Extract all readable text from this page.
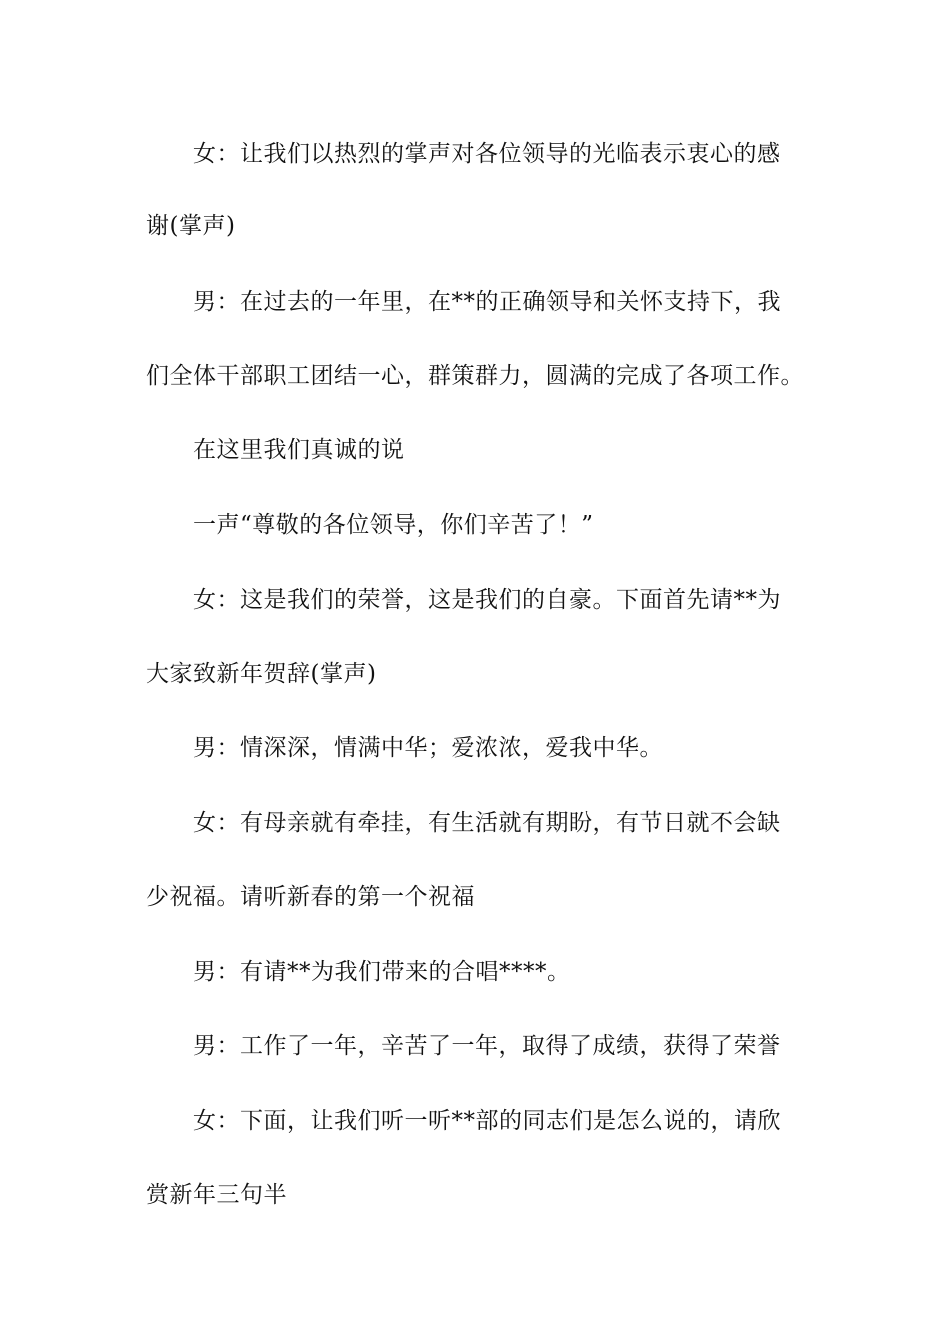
女：让我们以热烈的掌声对各位领导的光临表示衷心的感
谢(掌声)
男：在过去的一年里，在**的正确领导和关怀支持下，我
们全体干部职工团结一心，群策群力，圆满的完成了各项工作。
在这里我们真诚的说
一声“尊敬的各位领导，你们辛苦了！”
女：这是我们的荣誉，这是我们的自豪。下面首先请**为
大家致新年贺辞(掌声)
男：情深深，情满中华；爱浓浓，爱我中华。
女：有母亲就有牵挂，有生活就有期盼，有节日就不会缺
少祝福。请听新春的第一个祝福
男：有请**为我们带来的合唱****。
男：工作了一年，辛苦了一年，取得了成绩，获得了荣誉
女：下面，让我们听一听**部的同志们是怎么说的，请欣
赏新年三句半
